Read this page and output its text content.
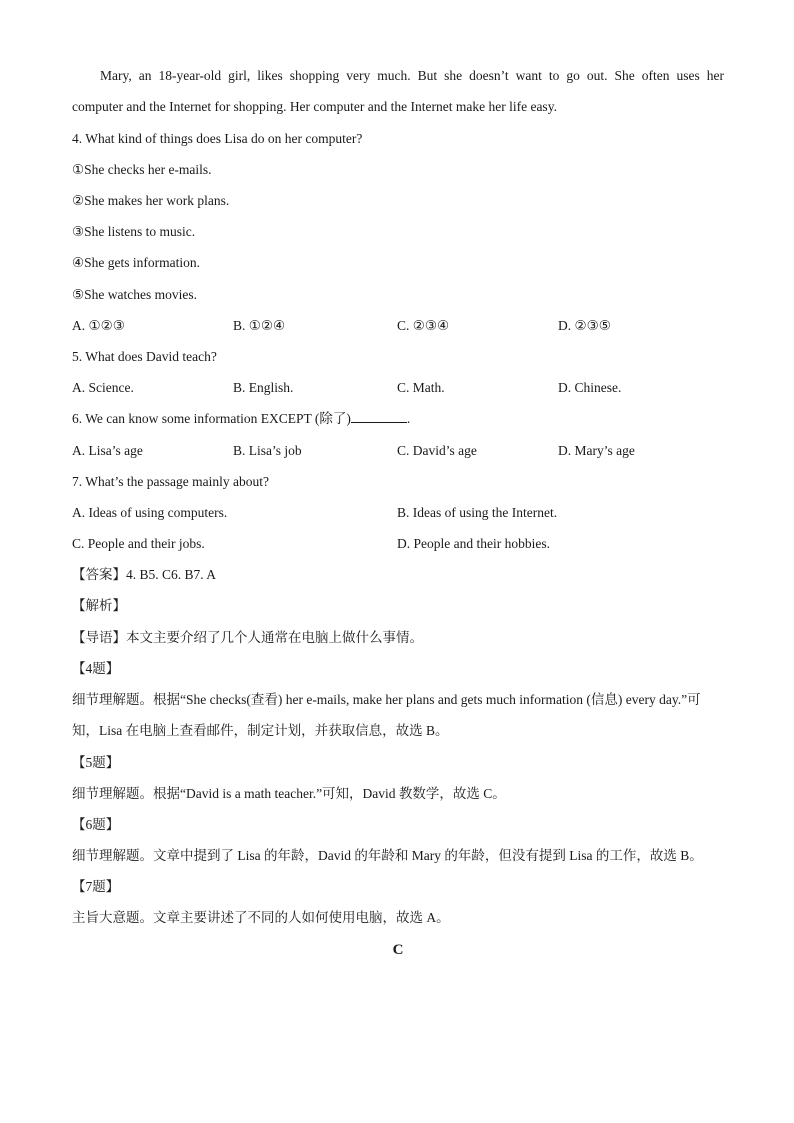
Mary, an 18-year-old girl, likes shopping very much. But she doesn’t want to go out. She often uses her
computer and the Internet for shopping. Her computer and the Internet make her life easy.
4. What kind of things does Lisa do on her computer?
①She checks her e-mails.
②She makes her work plans.
③She listens to music.
④She gets information.
⑤She watches movies.
A. ①②③	B. ①②④	C. ②③④	D. ②③⑤
5. What does David teach?
A. Science.	B. English.	C. Math.	D. Chinese.
6. We can know some information EXCEPT (除了)	.
A. Lisa’s age	B. Lisa’s job	C. David’s age	D. Mary’s age
7. What’s the passage mainly about?
A. Ideas of using computers.	B. Ideas of using the Internet.
C. People and their jobs.	D. People and their hobbies.
【答案】4. B5. C6. B7. A
【解析】
【导语】本文主要介绍了几个人通常在电脑上做什么事情。
【4题】
细节理解题。根据“She checks(查看) her e-mails, make her plans and gets much information (信息) every day.”可
知，Lisa 在电脑上查看邮件，制定计划，并获取信息，故选 B。
【5题】
细节理解题。根据“David is a math teacher.”可知，David 教数学，故选 C。
【6题】
细节理解题。文章中提到了 Lisa 的年龄，David 的年龄和 Mary 的年龄，但没有提到 Lisa 的工作，故选 B。
【7题】
主旨大意题。文章主要讲述了不同的人如何使用电脑，故选 A。
C
